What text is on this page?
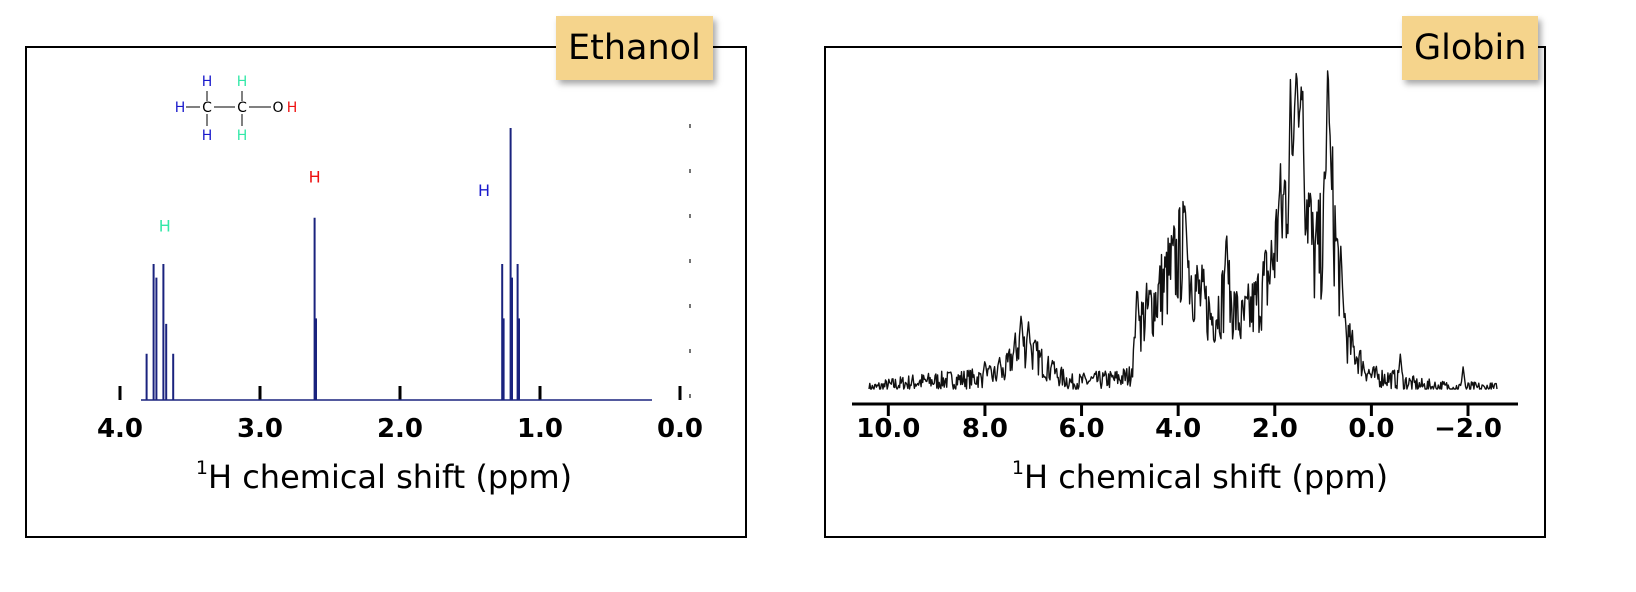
4.0	3.0	2.0	1.0	0.0
$^1$H chemical shift (ppm)
H
H
H
H H
H C C O H
H H
10.0 8.0 6.0 4.0 2.0 0.0 −2.0
$^1$H chemical shift (ppm)
Ethanol	Globin
